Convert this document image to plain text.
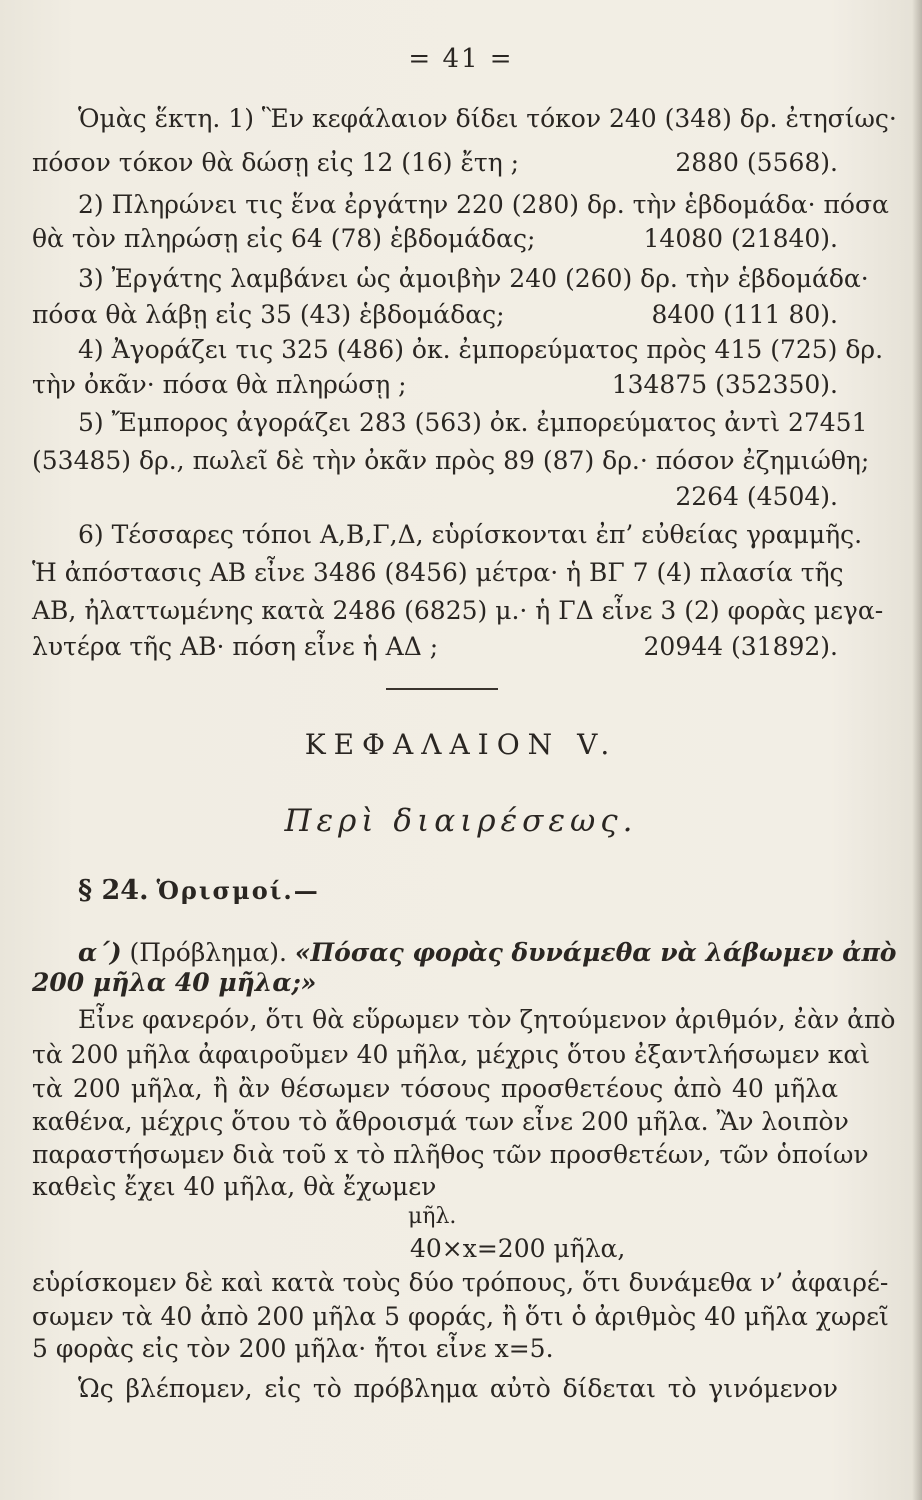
= 41 =
Ὁμὰς ἕκτη. 1) Ἓν κεφάλαιον δίδει τόκον 240 (348) δρ. ἐτησίως·
πόσον τόκον θὰ δώσῃ εἰς 12 (16) ἔτη ;	2880 (5568).
2) Πληρώνει τις ἕνα ἐργάτην 220 (280) δρ. τὴν ἑβδομάδα· πόσα
θὰ τὸν πληρώσῃ εἰς 64 (78) ἑβδομάδας;	14080 (21840).
3) Ἐργάτης λαμβάνει ὡς ἀμοιβὴν 240 (260) δρ. τὴν ἑβδομάδα·
πόσα θὰ λάβῃ εἰς 35 (43) ἑβδομάδας;	8400 (111 80).
4) Ἀγοράζει τις 325 (486) ὀκ. ἐμπορεύματος πρὸς 415 (725) δρ.
τὴν ὀκᾶν· πόσα θὰ πληρώσῃ ;	134875 (352350).
5) Ἔμπορος ἀγοράζει 283 (563) ὀκ. ἐμπορεύματος ἀντὶ 27451
(53485) δρ., πωλεῖ δὲ τὴν ὀκᾶν πρὸς 89 (87) δρ.· πόσον ἐζημιώθη;
2264 (4504).
6) Τέσσαρες τόποι Α,Β,Γ,Δ, εὑρίσκονται ἐπ’ εὐθείας γραμμῆς.
Ἡ ἀπόστασις ΑΒ εἶνε 3486 (8456) μέτρα· ἡ ΒΓ 7 (4) πλασία τῆς
ΑΒ, ἠλαττωμένης κατὰ 2486 (6825) μ.· ἡ ΓΔ εἶνε 3 (2) φορὰς μεγα-
λυτέρα τῆς ΑΒ· πόση εἶνε ἡ ΑΔ ;	20944 (31892).
ΚΕΦΑΛΑΙΟΝ V.
Περὶ διαιρέσεως.
§ 24. Ὁρισμοί.—
α΄) (Πρόβλημα). «Πόσας φορὰς δυνάμεθα νὰ λάβωμεν ἀπὸ
200 μῆλα 40 μῆλα;»
Εἶνε φανερόν, ὅτι θὰ εὕρωμεν τὸν ζητούμενον ἀριθμόν, ἐὰν ἀπὸ
τὰ 200 μῆλα ἀφαιροῦμεν 40 μῆλα, μέχρις ὅτου ἐξαντλήσωμεν καὶ
τὰ 200 μῆλα, ἢ ἂν θέσωμεν τόσους προσθετέους ἀπὸ 40 μῆλα
καθένα, μέχρις ὅτου τὸ ἄθροισμά των εἶνε 200 μῆλα. Ἂν λοιπὸν
παραστήσωμεν διὰ τοῦ x τὸ πλῆθος τῶν προσθετέων, τῶν ὁποίων
καθεὶς ἔχει 40 μῆλα, θὰ ἔχωμεν
μῆλ.
40×x=200 μῆλα,
εὑρίσκομεν δὲ καὶ κατὰ τοὺς δύο τρόπους, ὅτι δυνάμεθα ν’ ἀφαιρέ-
σωμεν τὰ 40 ἀπὸ 200 μῆλα 5 φοράς, ἢ ὅτι ὁ ἀριθμὸς 40 μῆλα χωρεῖ
5 φορὰς εἰς τὸν 200 μῆλα· ἤτοι εἶνε x=5.
Ὡς βλέπομεν, εἰς τὸ πρόβλημα αὐτὸ δίδεται τὸ γινόμενον
